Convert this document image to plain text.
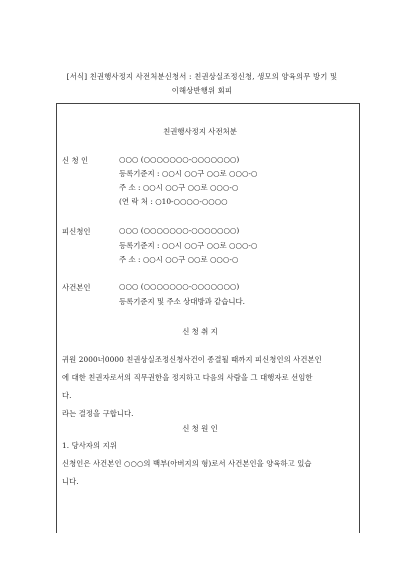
[서식] 친권행사정지 사전처분신청서 : 친권상실조정신청, 생모의 양육의무 방기 및
이해상반행위 회피
친권행사정지 사전처분
신 청 인	○○○ (○○○○○○○-○○○○○○○)
등록기준지 : ○○시 ○○구 ○○로 ○○○-○
주 소 : ○○시 ○○구 ○○로 ○○○-○
(연 락 처 : ○10-○○○○-○○○○
피신청인	○○○ (○○○○○○○-○○○○○○○)
등록기준지 : ○○시 ○○구 ○○로 ○○○-○
주 소 : ○○시 ○○구 ○○로 ○○○-○
사건본인	○○○ (○○○○○○○-○○○○○○○)
등록기준지 및 주소 상대방과 같습니다.
신 청 취 지
귀원 2000너0000 친권상실조정신청사건이 종결될 때까지 피신청인의 사건본인
에 대한 친권자로서의 직무권한을 정지하고 다음의 사람을 그 대행자로 선임한
다.
라는 결정을 구합니다.
신 청 원 인
1. 당사자의 지위
신청인은 사건본인 ○○○의 백부(아버지의 형)로서 사건본인을 양육하고 있습
니다.
